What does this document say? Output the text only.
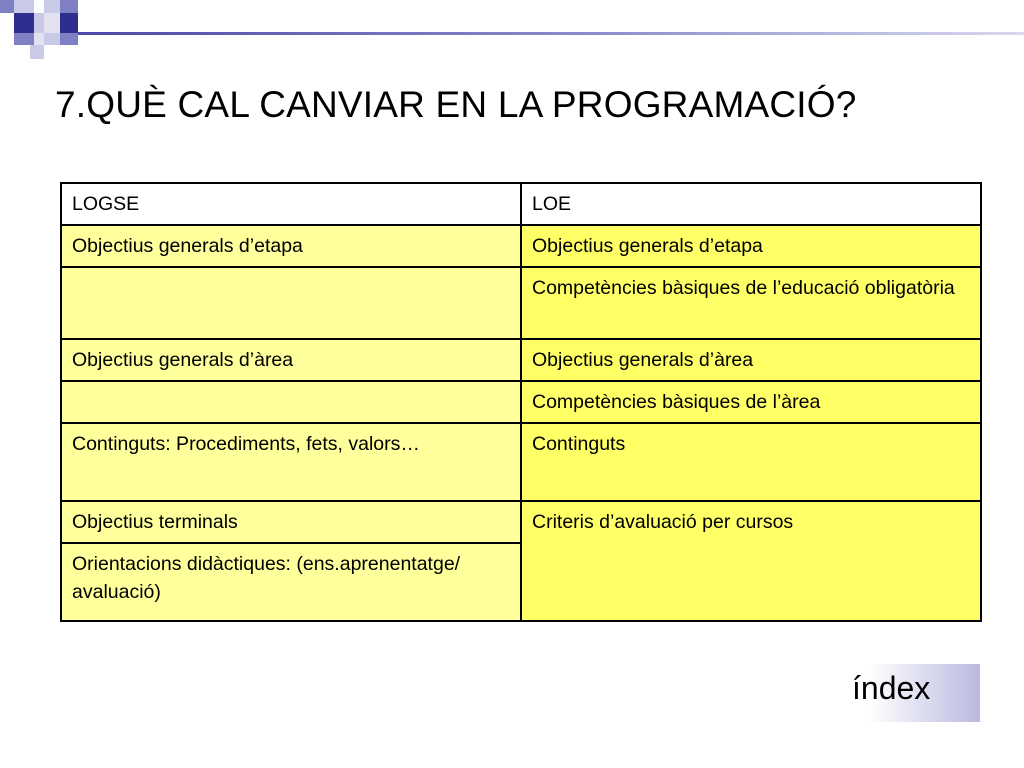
7.QUÈ CAL CANVIAR EN LA PROGRAMACIÓ?
LOGSE	LOE
Objectius generals d’etapa	Objectius generals d’etapa
	Competències bàsiques de l’educació obligatòria
Objectius generals d’àrea	Objectius generals d’àrea
	Competències bàsiques de l’àrea
Continguts: Procediments, fets, valors…	Continguts
Objectius terminals	Criteris d’avaluació per cursos
Orientacions didàctiques: (ens.aprenentatge/ avaluació)	
índex
